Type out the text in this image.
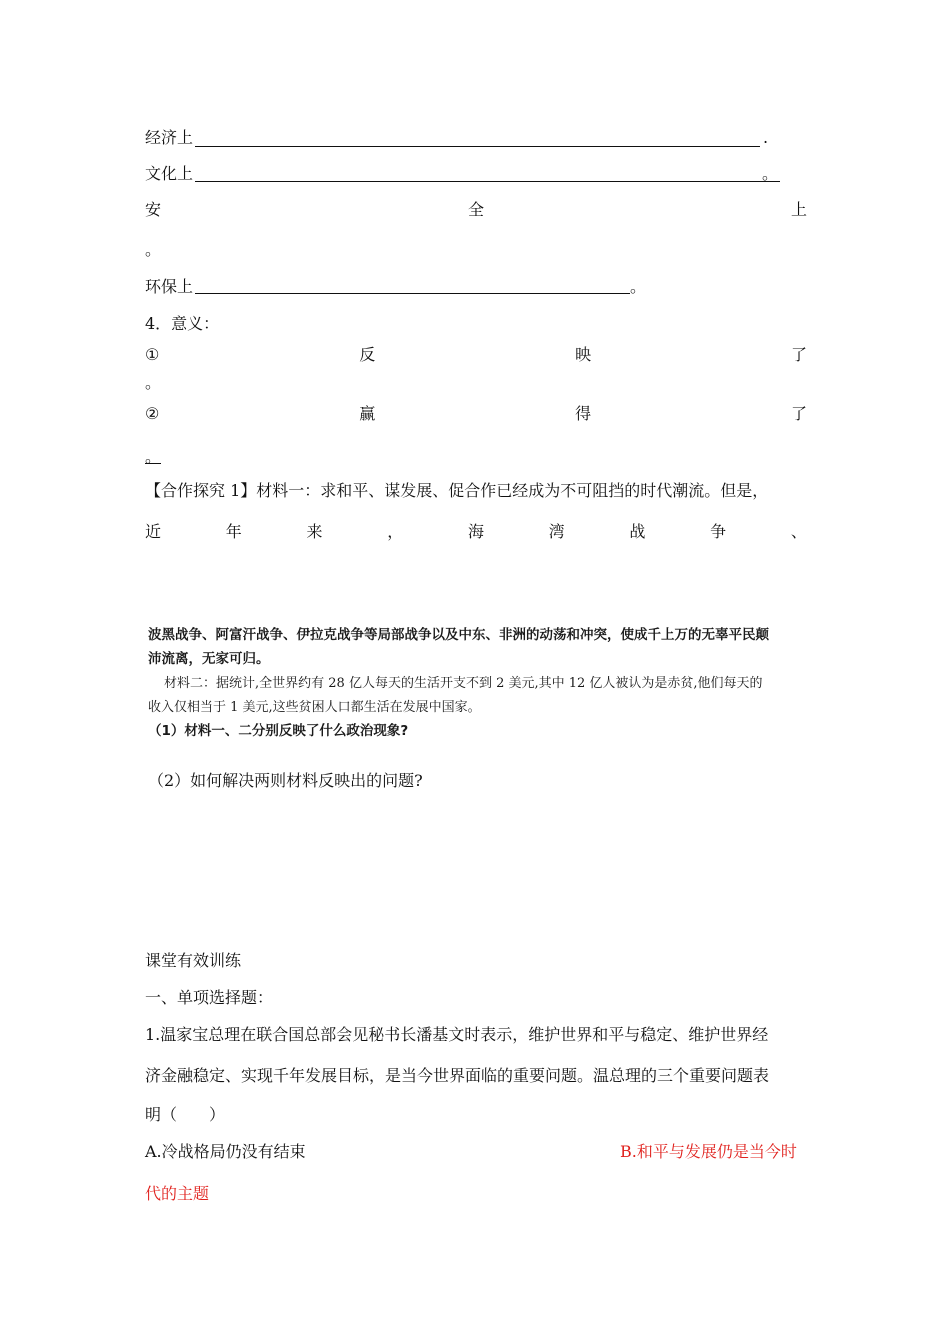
经济上	.
文化上	。
安	全	上
。
环保上	。
4．意义：
①	反	映	了
。
②	赢	得	了
。
【合作探究 1】材料一：求和平、谋发展、促合作已经成为不可阻挡的时代潮流。但是，
近	年	来	，	海	湾	战	争	、
波黑战争、阿富汗战争、伊拉克战争等局部战争以及中东、非洲的动荡和冲突，使成千上万的无辜平民颠
沛流离，无家可归。
材料二：据统计,全世界约有 28 亿人每天的生活开支不到 2 美元,其中 12 亿人被认为是赤贫,他们每天的
收入仅相当于 1 美元,这些贫困人口都生活在发展中国家。
（1）材料一、二分别反映了什么政治现象?
（2）如何解决两则材料反映出的问题?
课堂有效训练
一、单项选择题：
1.温家宝总理在联合国总部会见秘书长潘基文时表示，维护世界和平与稳定、维护世界经
济金融稳定、实现千年发展目标，是当今世界面临的重要问题。温总理的三个重要问题表
明（　　）
A.冷战格局仍没有结束	B.和平与发展仍是当今时
代的主题
